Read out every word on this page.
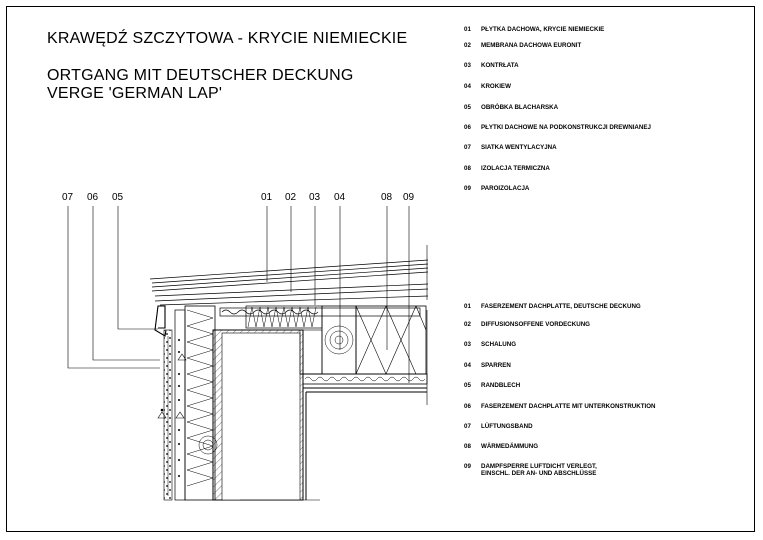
KRAWĘDŹ SZCZYTOWA - KRYCIE NIEMIECKIE
ORTGANG MIT DEUTSCHER DECKUNG
VERGE 'GERMAN LAP'
01 PŁYTKA DACHOWA, KRYCIE NIEMIECKIE
02 MEMBRANA DACHOWA EURONIT
03 KONTRŁATA
04 KROKIEW
05 OBRÓBKA BLACHARSKA
06 PŁYTKI DACHOWE NA PODKONSTRUKCJI DREWNIANEJ
07 SIATKA WENTYLACYJNA
08 IZOLACJA TERMICZNA
09 PAROIZOLACJA
01 FASERZEMENT DACHPLATTE, DEUTSCHE DECKUNG
02 DIFFUSIONSOFFENE VORDECKUNG
03 SCHALUNG
04 SPARREN
05 RANDBLECH
06 FASERZEMENT DACHPLATTE MIT UNTERKONSTRUKTION
07 LÜFTUNGSBAND
08 WÄRMEDÄMMUNG
09 DAMPFSPERRE LUFTDICHT VERLEGT,
EINSCHL. DER AN- UND ABSCHLÜSSE
07 06 05	01 02 03 04	08 09
